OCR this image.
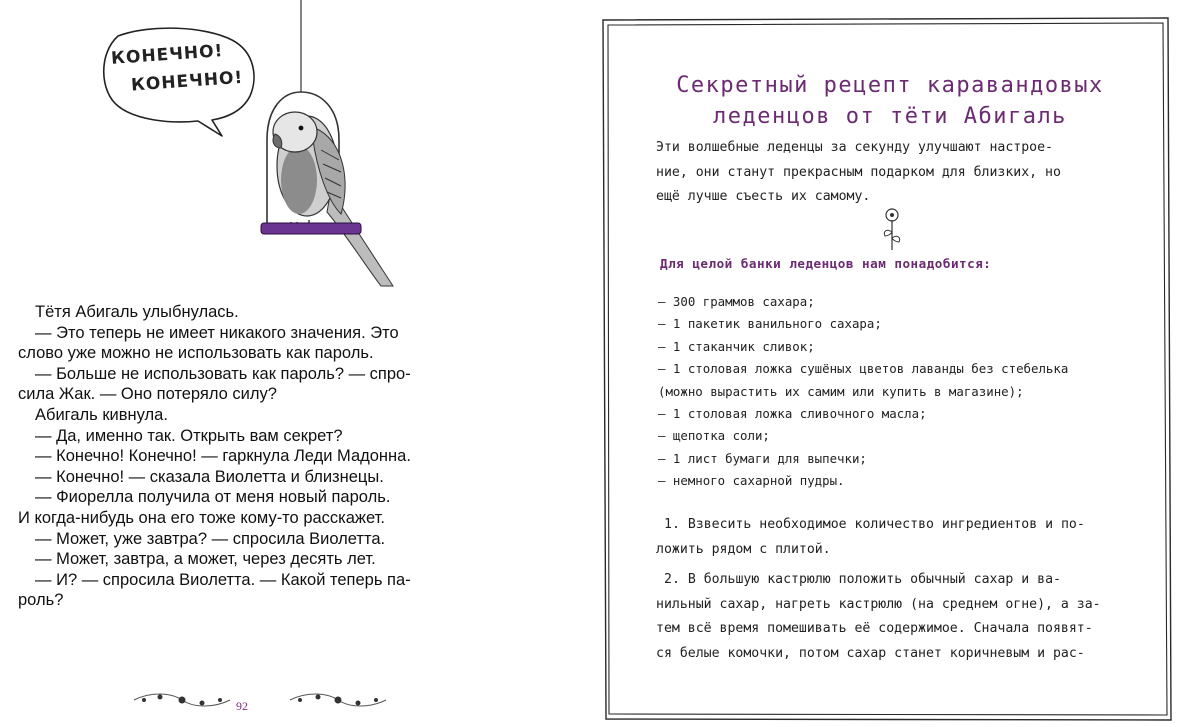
КОНЕЧНО!
КОНЕЧНО!

Тётя Абигаль улыбнулась.

— Это теперь не имеет никакого значения. Это

слово уже можно не использовать как пароль.

— Больше не использовать как пароль? — спро-

сила Жак. — Оно потеряло силу?

Абигаль кивнула.

— Да, именно так. Открыть вам секрет?

— Конечно! Конечно! — гаркнула Леди Мадонна.

— Конечно! — сказала Виолетта и близнецы.

— Фиорелла получила от меня новый пароль.

И когда-нибудь она его тоже кому-то расскажет.

— Может, уже завтра? — спросила Виолетта.

— Может, завтра, а может, через десять лет.

— И? — спросила Виолетта. — Какой теперь па-

роль?

92
Секретный рецепт каравандовых
леденцов от тёти Абигаль
Эти волшебные леденцы за секунду улучшают настрое-
ние, они станут прекрасным подарком для близких, но
ещё лучше съесть их самому.
Для целой банки леденцов нам понадобится:
— 300 граммов сахара;
— 1 пакетик ванильного сахара;
— 1 стаканчик сливок;
— 1 столовая ложка сушёных цветов лаванды без стебелька
(можно вырастить их самим или купить в магазине);
— 1 столовая ложка сливочного масла;
— щепотка соли;
— 1 лист бумаги для выпечки;
— немного сахарной пудры.
1. Взвесить необходимое количество ингредиентов и по-
ложить рядом с плитой.
2. В большую кастрюлю положить обычный сахар и ва-
нильный сахар, нагреть кастрюлю (на среднем огне), а за-
тем всё время помешивать её содержимое. Сначала появят-
ся белые комочки, потом сахар станет коричневым и рас-
